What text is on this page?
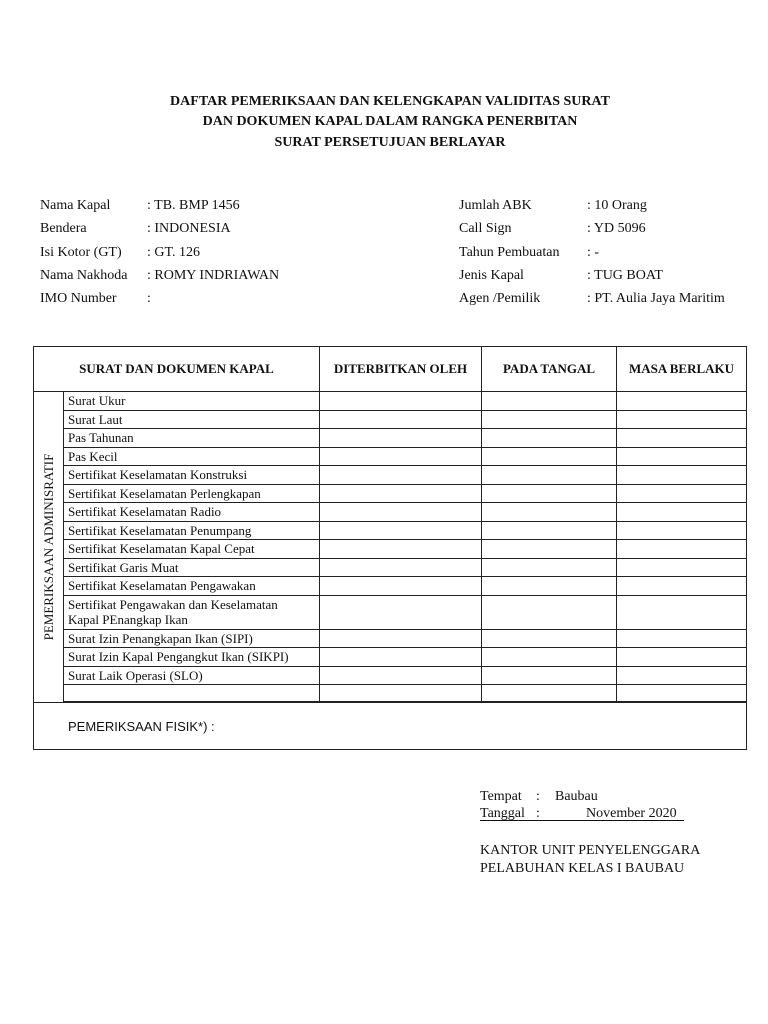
DAFTAR PEMERIKSAAN DAN KELENGKAPAN VALIDITAS SURAT
DAN DOKUMEN KAPAL DALAM RANGKA PENERBITAN
SURAT PERSETUJUAN BERLAYAR
Nama Kapal	: TB. BMP 1456
Bendera	: INDONESIA
Isi Kotor (GT) : GT. 126
Nama Nakhoda : ROMY INDRIAWAN
IMO Number :
Jumlah ABK	: 10 Orang
Call Sign	: YD 5096
Tahun Pembuatan : -
Jenis Kapal	: TUG BOAT
Agen /Pemilik	: PT. Aulia Jaya Maritim
SURAT DAN DOKUMEN KAPAL		DITERBITKAN OLEH	PADA TANGAL	MASA BERLAKU

PEMERIKSAAN ADMINISRATIF	Surat Ukur			
	Surat Laut			
	Pas Tahunan			
	Pas Kecil			
	Sertifikat Keselamatan Konstruksi			
	Sertifikat Keselamatan Perlengkapan			
	Sertifikat Keselamatan Radio			
	Sertifikat Keselamatan Penumpang			
	Sertifikat Keselamatan Kapal Cepat			
	Sertifikat Garis Muat			
	Sertifikat Keselamatan Pengawakan			

	Sertifikat Pengawakan dan Keselamatan
Kapal PEnangkap Ikan			

	Surat Izin Penangkapan Ikan (SIPI)			
	Surat Izin Kapal Pengangkut Ikan (SIKPI)			
	Surat Laik Operasi (SLO)			

PEMERIKSAAN FISIK*) :				
Tempat : Baubau
Tanggal :	November 2020
KANTOR UNIT PENYELENGGARA
PELABUHAN KELAS I BAUBAU
